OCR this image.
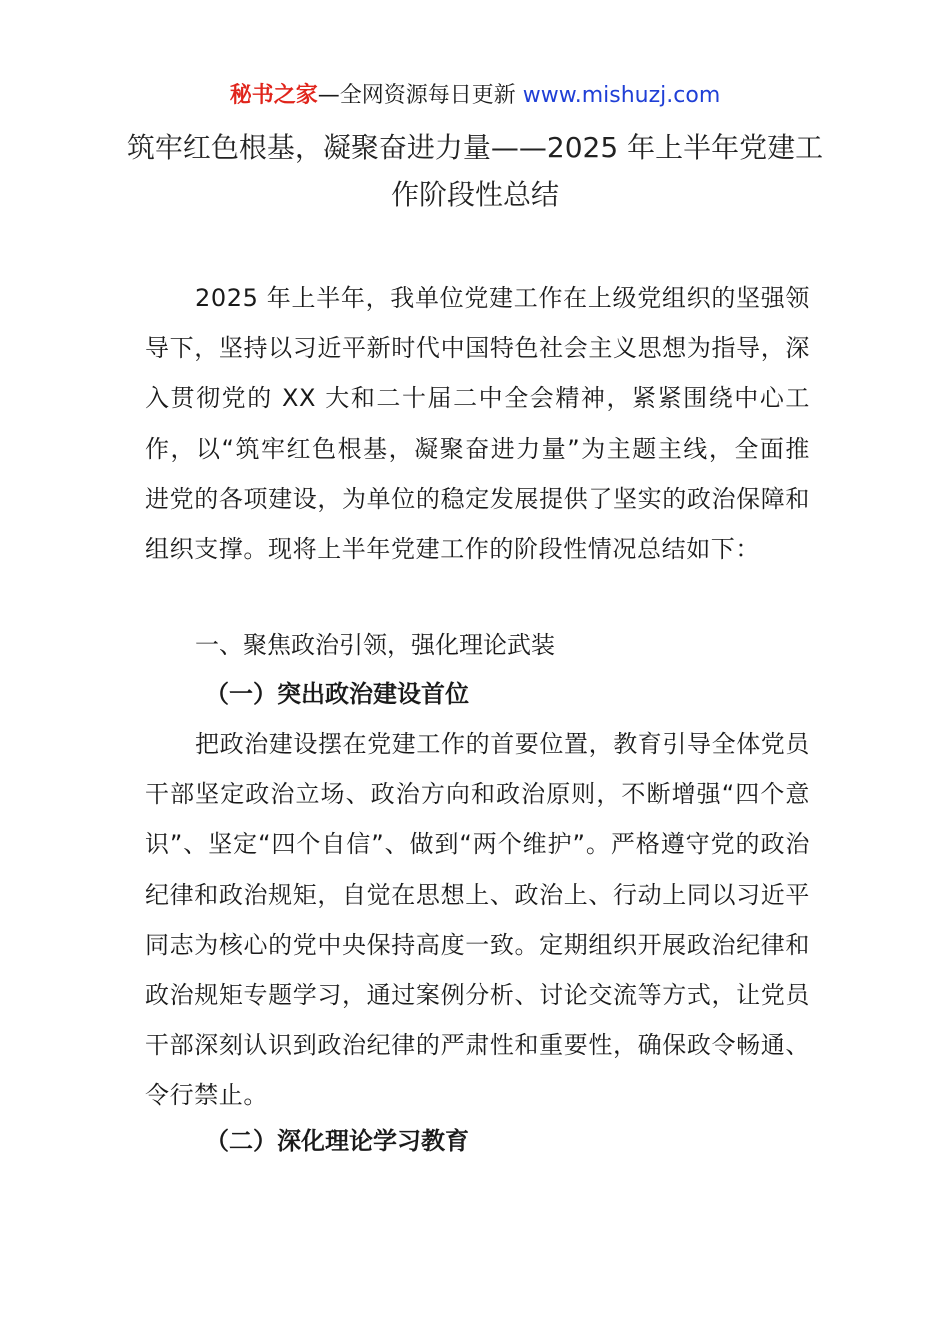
秘书之家—全网资源每日更新 www.mishuzj.com
筑牢红色根基，凝聚奋进力量——2025 年上半年党建工作阶段性总结
2025 年上半年，我单位党建工作在上级党组织的坚强领导下，坚持以习近平新时代中国特色社会主义思想为指导，深入贯彻党的 XX 大和二十届二中全会精神，紧紧围绕中心工作，以“筑牢红色根基，凝聚奋进力量”为主题主线，全面推进党的各项建设，为单位的稳定发展提供了坚实的政治保障和组织支撑。现将上半年党建工作的阶段性情况总结如下：
一、聚焦政治引领，强化理论武装
（一）突出政治建设首位
把政治建设摆在党建工作的首要位置，教育引导全体党员干部坚定政治立场、政治方向和政治原则，不断增强“四个意识”、坚定“四个自信”、做到“两个维护”。严格遵守党的政治纪律和政治规矩，自觉在思想上、政治上、行动上同以习近平同志为核心的党中央保持高度一致。定期组织开展政治纪律和政治规矩专题学习，通过案例分析、讨论交流等方式，让党员干部深刻认识到政治纪律的严肃性和重要性，确保政令畅通、令行禁止。
（二）深化理论学习教育
